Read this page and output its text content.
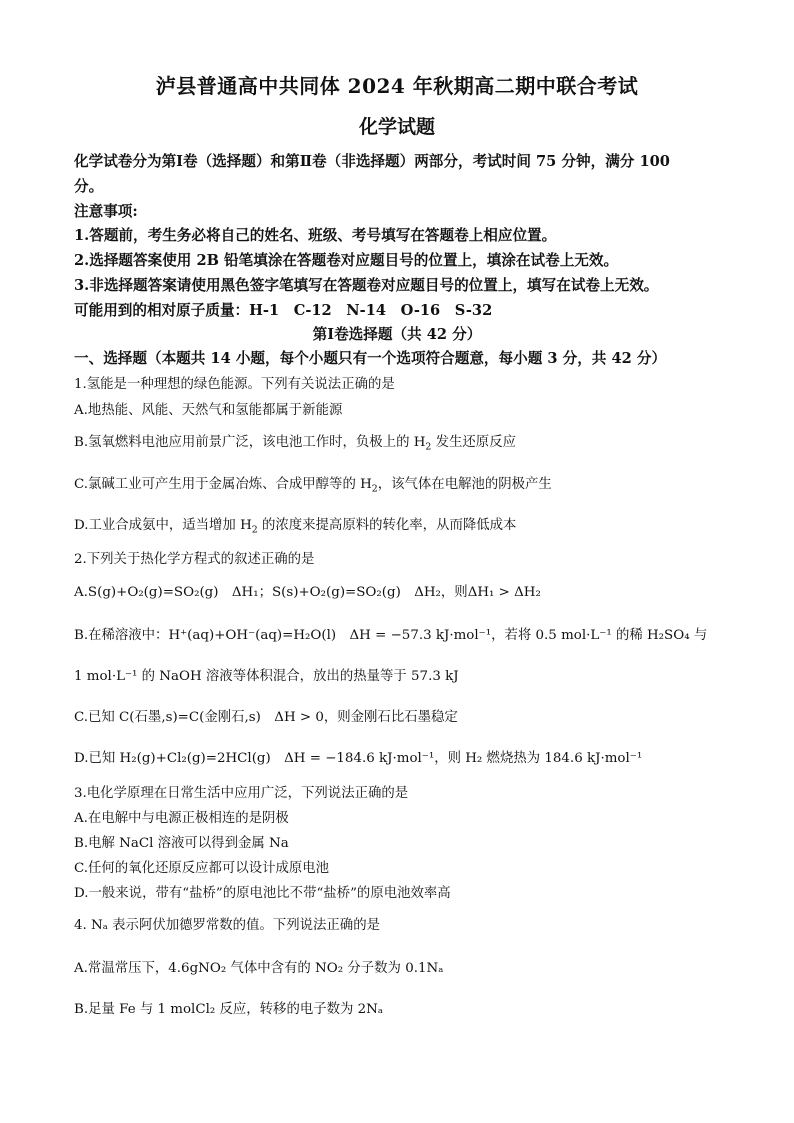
泸县普通高中共同体 2024 年秋期高二期中联合考试
化学试题
化学试卷分为第Ⅰ卷（选择题）和第Ⅱ卷（非选择题）两部分，考试时间 75 分钟，满分 100
分。
注意事项:
1.答题前，考生务必将自己的姓名、班级、考号填写在答题卷上相应位置。
2.选择题答案使用 2B 铅笔填涂在答题卷对应题目号的位置上，填涂在试卷上无效。
3.非选择题答案请使用黑色签字笔填写在答题卷对应题目号的位置上，填写在试卷上无效。
可能用到的相对原子质量：H-1　C-12　N-14　O-16　S-32
第Ⅰ卷选择题（共 42 分）
一、选择题（本题共 14 小题，每个小题只有一个选项符合题意，每小题 3 分，共 42 分）
1.氢能是一种理想的绿色能源。下列有关说法正确的是
A.地热能、风能、天然气和氢能都属于新能源
B.氢氧燃料电池应用前景广泛，该电池工作时，负极上的 $H_2$ 发生还原反应
C.氯碱工业可产生用于金属冶炼、合成甲醇等的 $H_2$，该气体在电解池的阴极产生
D.工业合成氨中，适当增加 $H_2$ 的浓度来提高原料的转化率，从而降低成本
2.下列关于热化学方程式的叙述正确的是
A.S(g)+O₂(g)=SO₂(g)　ΔH₁；S(s)+O₂(g)=SO₂(g)　ΔH₂，则ΔH₁ > ΔH₂
B.在稀溶液中：H⁺(aq)+OH⁻(aq)=H₂O(l)　ΔH = −57.3 kJ·mol⁻¹，若将 0.5 mol·L⁻¹ 的稀 H₂SO₄ 与
1 mol·L⁻¹ 的 NaOH 溶液等体积混合，放出的热量等于 57.3 kJ
C.已知 C(石墨,s)=C(金刚石,s)　ΔH > 0，则金刚石比石墨稳定
D.已知 H₂(g)+Cl₂(g)=2HCl(g)　ΔH = −184.6 kJ·mol⁻¹，则 H₂ 燃烧热为 184.6 kJ·mol⁻¹
3.电化学原理在日常生活中应用广泛，下列说法正确的是
A.在电解中与电源正极相连的是阴极
B.电解 NaCl 溶液可以得到金属 Na
C.任何的氧化还原反应都可以设计成原电池
D.一般来说，带有“盐桥”的原电池比不带“盐桥”的原电池效率高
4. Nₐ 表示阿伏加德罗常数的值。下列说法正确的是
A.常温常压下，4.6gNO₂ 气体中含有的 NO₂ 分子数为 0.1Nₐ
B.足量 Fe 与 1 molCl₂ 反应，转移的电子数为 2Nₐ
